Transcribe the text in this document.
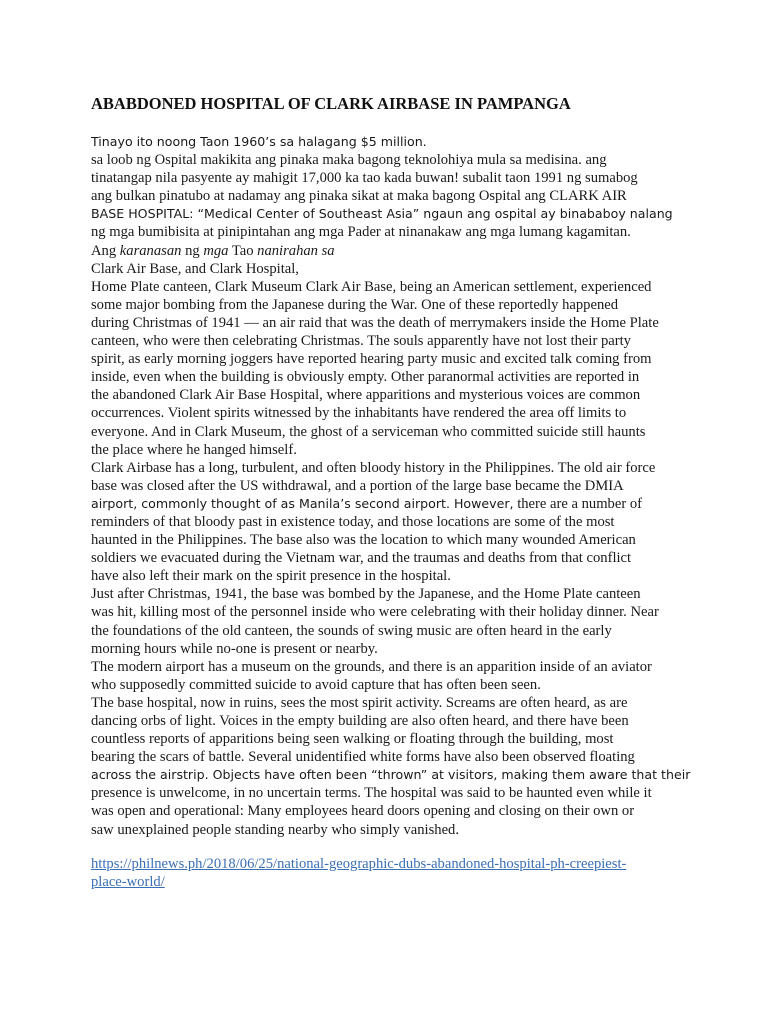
ABABDONED HOSPITAL OF CLARK AIRBASE IN PAMPANGA
Tinayo ito noong Taon 1960’s sa halagang $5 million.
sa loob ng Ospital makikita ang pinaka maka bagong teknolohiya mula sa medisina. ang
tinatangap nila pasyente ay mahigit 17,000 ka tao kada buwan! subalit taon 1991 ng sumabog
ang bulkan pinatubo at nadamay ang pinaka sikat at maka bagong Ospital ang CLARK AIR
BASE HOSPITAL: “Medical Center of Southeast Asia” ngaun ang ospital ay binababoy nalang
ng mga bumibisita at pinipintahan ang mga Pader at ninanakaw ang mga lumang kagamitan.
Ang karanasan ng mga Tao nanirahan sa
Clark Air Base, and Clark Hospital,
Home Plate canteen, Clark Museum Clark Air Base, being an American settlement, experienced
some major bombing from the Japanese during the War. One of these reportedly happened
during Christmas of 1941 — an air raid that was the death of merrymakers inside the Home Plate
canteen, who were then celebrating Christmas. The souls apparently have not lost their party
spirit, as early morning joggers have reported hearing party music and excited talk coming from
inside, even when the building is obviously empty. Other paranormal activities are reported in
the abandoned Clark Air Base Hospital, where apparitions and mysterious voices are common
occurrences. Violent spirits witnessed by the inhabitants have rendered the area off limits to
everyone. And in Clark Museum, the ghost of a serviceman who committed suicide still haunts
the place where he hanged himself.
Clark Airbase has a long, turbulent, and often bloody history in the Philippines. The old air force
base was closed after the US withdrawal, and a portion of the large base became the DMIA
airport, commonly thought of as Manila’s second airport. However, there are a number of
reminders of that bloody past in existence today, and those locations are some of the most
haunted in the Philippines. The base also was the location to which many wounded American
soldiers we evacuated during the Vietnam war, and the traumas and deaths from that conflict
have also left their mark on the spirit presence in the hospital.
Just after Christmas, 1941, the base was bombed by the Japanese, and the Home Plate canteen
was hit, killing most of the personnel inside who were celebrating with their holiday dinner. Near
the foundations of the old canteen, the sounds of swing music are often heard in the early
morning hours while no-one is present or nearby.
The modern airport has a museum on the grounds, and there is an apparition inside of an aviator
who supposedly committed suicide to avoid capture that has often been seen.
The base hospital, now in ruins, sees the most spirit activity. Screams are often heard, as are
dancing orbs of light. Voices in the empty building are also often heard, and there have been
countless reports of apparitions being seen walking or floating through the building, most
bearing the scars of battle. Several unidentified white forms have also been observed floating
across the airstrip. Objects have often been “thrown” at visitors, making them aware that their
presence is unwelcome, in no uncertain terms. The hospital was said to be haunted even while it
was open and operational: Many employees heard doors opening and closing on their own or
saw unexplained people standing nearby who simply vanished.
https://philnews.ph/2018/06/25/national-geographic-dubs-abandoned-hospital-ph-creepiest-
place-world/
